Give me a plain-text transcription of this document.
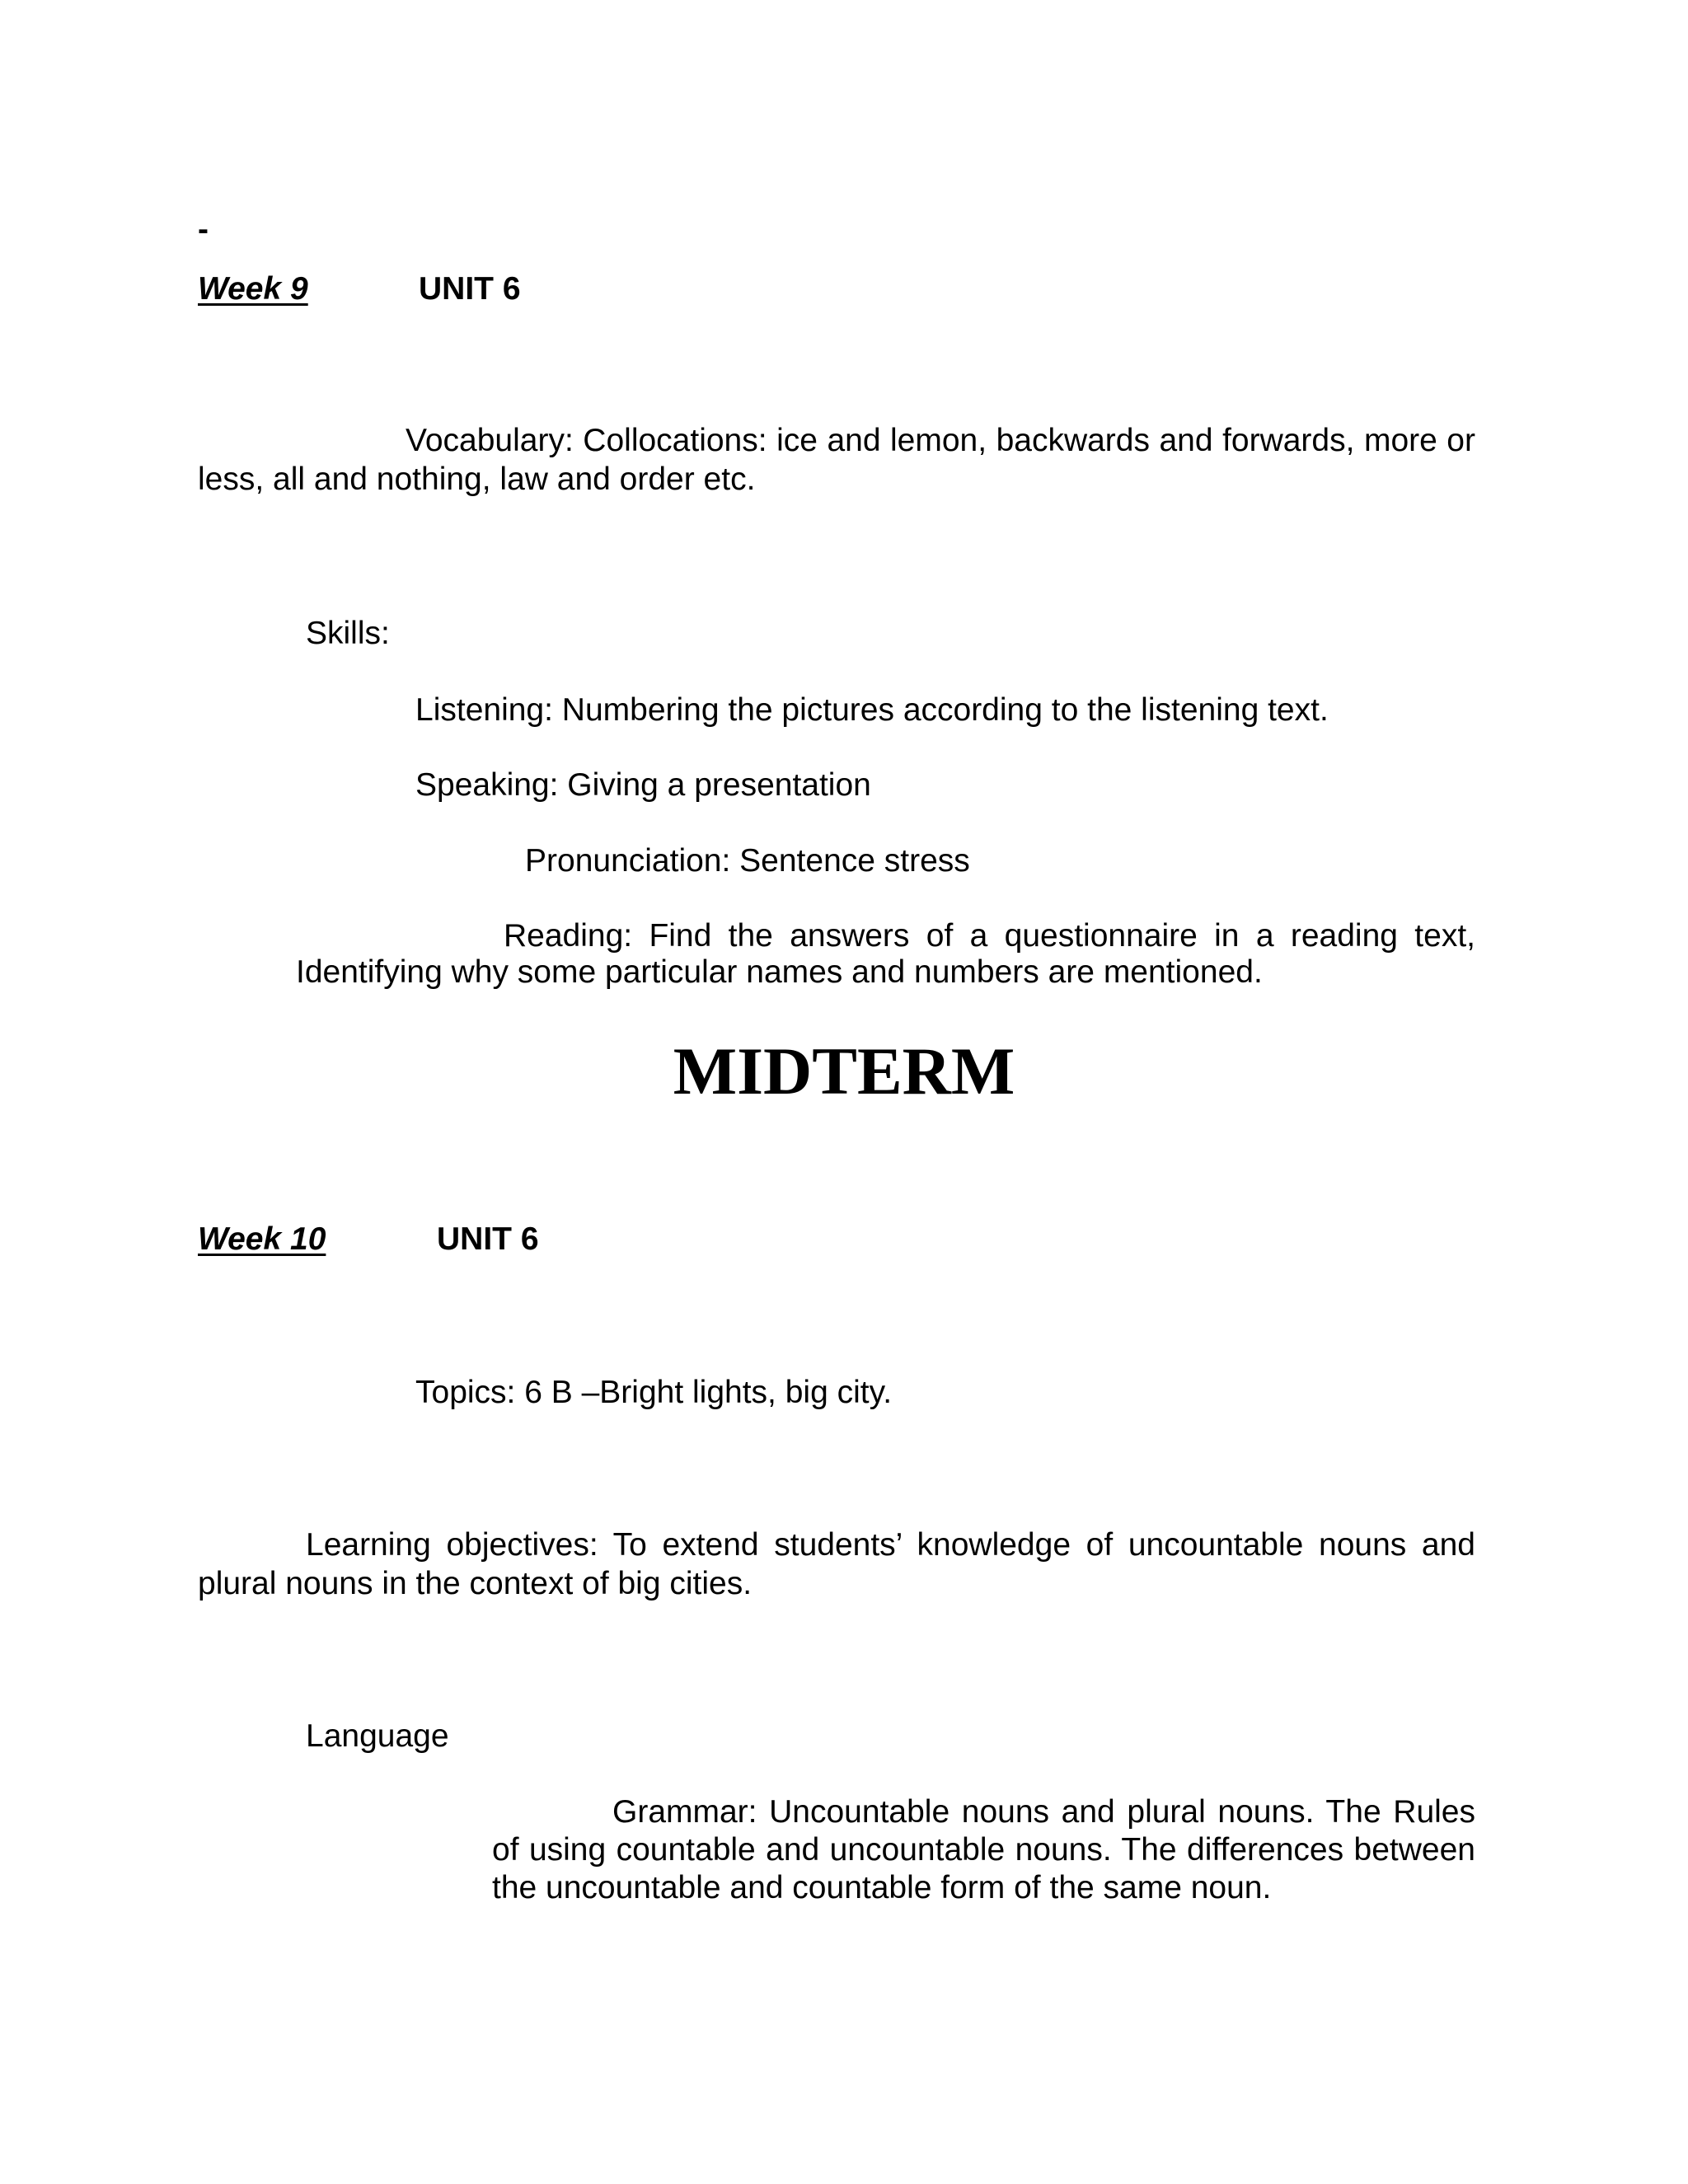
-
Week 9	UNIT 6
Vocabulary: Collocations: ice and lemon, backwards and forwards, more or less, all and nothing, law and order etc.
Skills:
Listening: Numbering the pictures according to the listening text.
Speaking: Giving a presentation
Pronunciation: Sentence stress
Reading: Find the answers of a questionnaire in a reading text, Identifying why some particular names and numbers are mentioned.
MIDTERM
Week 10	UNIT 6
Topics: 6 B –Bright lights, big city.
Learning objectives: To extend students’ knowledge of uncountable nouns and plural nouns in the context of big cities.
Language
Grammar: Uncountable nouns and plural nouns. The Rules of using countable and uncountable nouns. The differences between the uncountable and countable form of the same noun.
